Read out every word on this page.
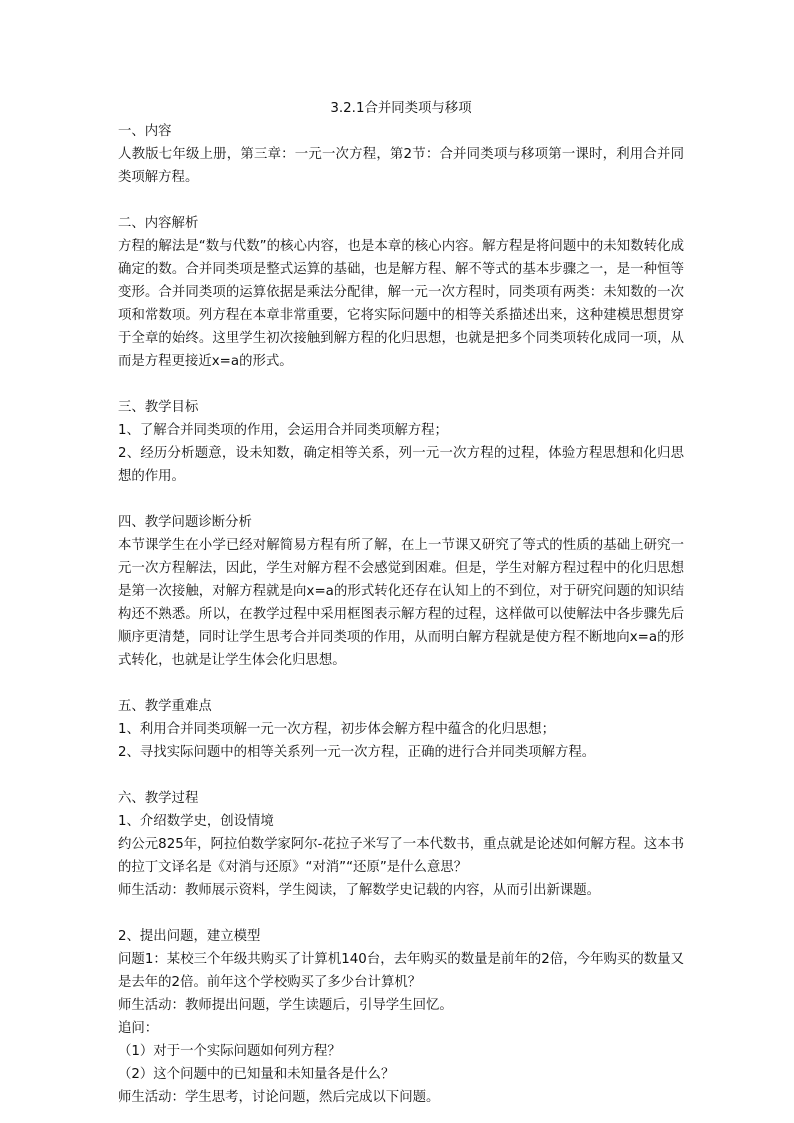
3.2.1合并同类项与移项

一、内容

人教版七年级上册，第三章：一元一次方程，第2节：合并同类项与移项第一课时，利用合并同类项解方程。

二、内容解析

方程的解法是“数与代数”的核心内容，也是本章的核心内容。解方程是将问题中的未知数转化成确定的数。合并同类项是整式运算的基础，也是解方程、解不等式的基本步骤之一，是一种恒等变形。合并同类项的运算依据是乘法分配律，解一元一次方程时，同类项有两类：未知数的一次项和常数项。列方程在本章非常重要，它将实际问题中的相等关系描述出来，这种建模思想贯穿于全章的始终。这里学生初次接触到解方程的化归思想，也就是把多个同类项转化成同一项，从而是方程更接近x=a的形式。

三、教学目标

1、了解合并同类项的作用，会运用合并同类项解方程；

2、经历分析题意，设未知数，确定相等关系，列一元一次方程的过程，体验方程思想和化归思想的作用。

四、教学问题诊断分析

本节课学生在小学已经对解简易方程有所了解，在上一节课又研究了等式的性质的基础上研究一元一次方程解法，因此，学生对解方程不会感觉到困难。但是，学生对解方程过程中的化归思想是第一次接触，对解方程就是向x=a的形式转化还存在认知上的不到位，对于研究问题的知识结构还不熟悉。所以，在教学过程中采用框图表示解方程的过程，这样做可以使解法中各步骤先后顺序更清楚，同时让学生思考合并同类项的作用，从而明白解方程就是使方程不断地向x=a的形式转化，也就是让学生体会化归思想。

五、教学重难点

1、利用合并同类项解一元一次方程，初步体会解方程中蕴含的化归思想；

2、寻找实际问题中的相等关系列一元一次方程，正确的进行合并同类项解方程。

六、教学过程

1、介绍数学史，创设情境

约公元825年，阿拉伯数学家阿尔-花拉子米写了一本代数书，重点就是论述如何解方程。这本书的拉丁文译名是《对消与还原》“对消”“还原”是什么意思？

师生活动：教师展示资料，学生阅读，了解数学史记载的内容，从而引出新课题。

2、提出问题，建立模型

问题1：某校三个年级共购买了计算机140台，去年购买的数量是前年的2倍，今年购买的数量又是去年的2倍。前年这个学校购买了多少台计算机？

师生活动：教师提出问题，学生读题后，引导学生回忆。

追问：

（1）对于一个实际问题如何列方程？

（2）这个问题中的已知量和未知量各是什么？

师生活动：学生思考，讨论问题，然后完成以下问题。
